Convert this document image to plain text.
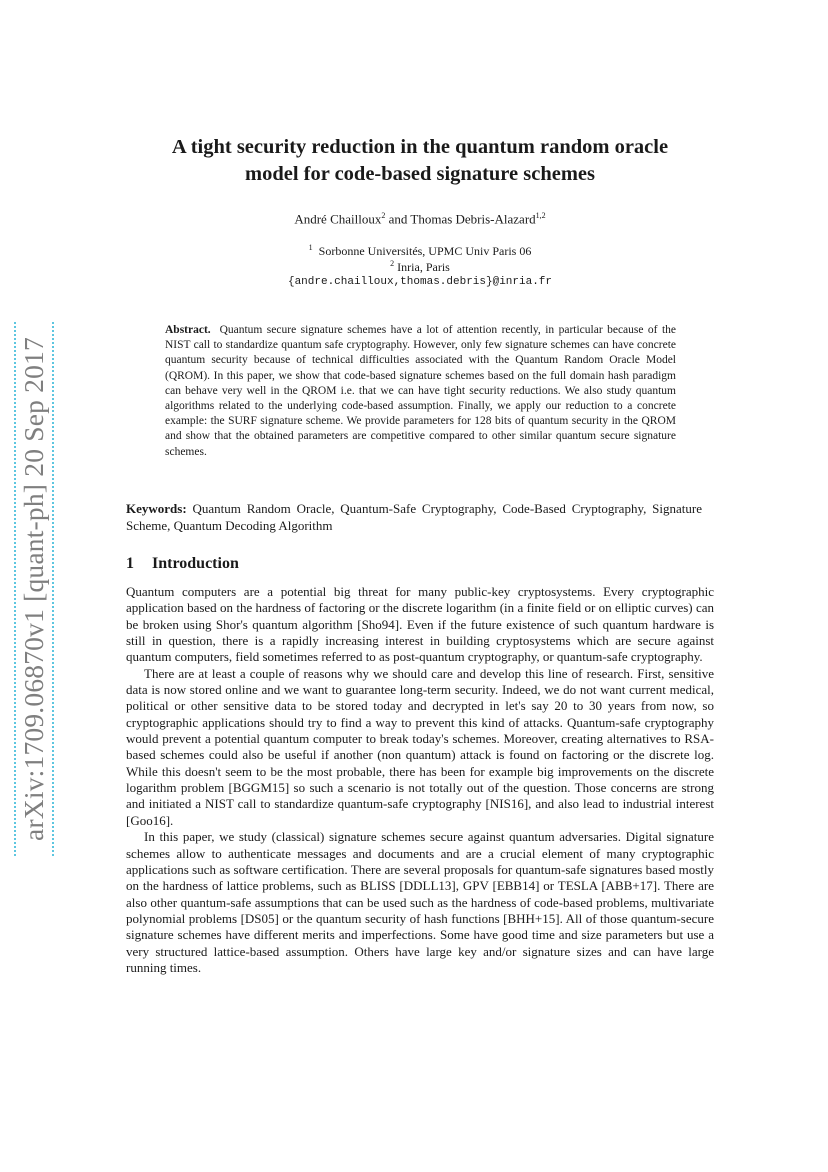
arXiv:1709.06870v1 [quant-ph] 20 Sep 2017
A tight security reduction in the quantum random oracle
model for code-based signature schemes
André Chailloux$^2$ and Thomas Debris-Alazard$^{1,2}$
$^1$ Sorbonne Universités, UPMC Univ Paris 06
$^2$ Inria, Paris
{andre.chailloux,thomas.debris}@inria.fr
Abstract. Quantum secure signature schemes have a lot of attention recently, in particular because of the NIST call to standardize quantum safe cryptography. However, only few signature schemes can have concrete quantum security because of technical difficulties associated with the Quantum Random Oracle Model (QROM). In this paper, we show that code-based signature schemes based on the full domain hash paradigm can behave very well in the QROM i.e. that we can have tight security reductions. We also study quantum algorithms related to the underlying code-based assumption. Finally, we apply our reduction to a concrete example: the SURF signature scheme. We provide parameters for 128 bits of quantum security in the QROM and show that the obtained parameters are competitive compared to other similar quantum secure signature schemes.
Keywords: Quantum Random Oracle, Quantum-Safe Cryptography, Code-Based Cryptography, Signature Scheme, Quantum Decoding Algorithm
1 Introduction

Quantum computers are a potential big threat for many public-key cryptosystems. Every cryptographic application based on the hardness of factoring or the discrete logarithm (in a finite field or on elliptic curves) can be broken using Shor's quantum algorithm [Sho94]. Even if the future existence of such quantum hardware is still in question, there is a rapidly increasing interest in building cryptosystems which are secure against quantum computers, field sometimes referred to as post-quantum cryptography, or quantum-safe cryptography.

There are at least a couple of reasons why we should care and develop this line of research. First, sensitive data is now stored online and we want to guarantee long-term security. Indeed, we do not want current medical, political or other sensitive data to be stored today and decrypted in let's say 20 to 30 years from now, so cryptographic applications should try to find a way to prevent this kind of attacks. Quantum-safe cryptography would prevent a potential quantum computer to break today's schemes. Moreover, creating alternatives to RSA-based schemes could also be useful if another (non quantum) attack is found on factoring or the discrete log. While this doesn't seem to be the most probable, there has been for example big improvements on the discrete logarithm problem [BGGM15] so such a scenario is not totally out of the question. Those concerns are strong and initiated a NIST call to standardize quantum-safe cryptography [NIS16], and also lead to industrial interest [Goo16].

In this paper, we study (classical) signature schemes secure against quantum adversaries. Digital signature schemes allow to authenticate messages and documents and are a crucial element of many cryptographic applications such as software certification. There are several proposals for quantum-safe signatures based mostly on the hardness of lattice problems, such as BLISS [DDLL13], GPV [EBB14] or TESLA [ABB+17]. There are also other quantum-safe assumptions that can be used such as the hardness of code-based problems, multivariate polynomial problems [DS05] or the quantum security of hash functions [BHH+15]. All of those quantum-secure signature schemes have different merits and imperfections. Some have good time and size parameters but use a very structured lattice-based assumption. Others have large key and/or signature sizes and can have large running times.
